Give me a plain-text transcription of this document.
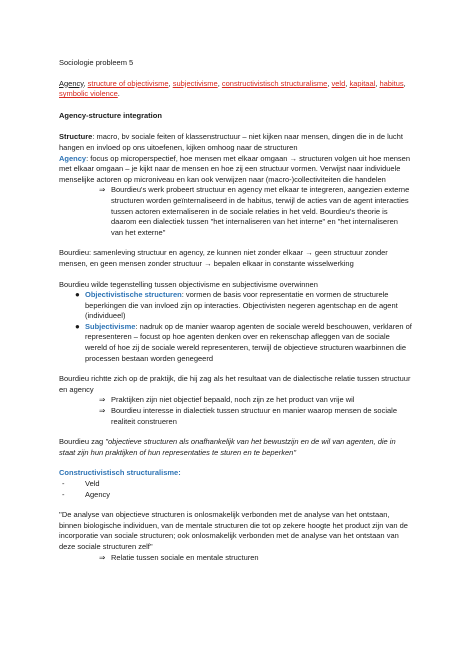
Sociologie probleem 5

Agency, structure of objectivisme, subjectivisme, constructivistisch structuralisme, veld, kapitaal, habitus, symbolic violence.

Agency-structure integration

Structure: macro, bv sociale feiten of klassenstructuur – niet kijken naar mensen, dingen die in de lucht hangen en invloed op ons uitoefenen, kijken omhoog naar de structuren

Agency: focus op microperspectief, hoe mensen met elkaar omgaan → structuren volgen uit hoe mensen met elkaar omgaan – je kijkt naar de mensen en hoe zij een structuur vormen. Verwijst naar individuele menselijke actoren op microniveau en kan ook verwijzen naar (macro-)collectiviteiten die handelen

⇒ Bourdieu's werk probeert structuur en agency met elkaar te integreren, aangezien externe structuren worden geïnternaliseerd in de habitus, terwijl de acties van de agent interacties tussen actoren externaliseren in de sociale relaties in het veld. Bourdieu's theorie is daarom een dialectiek tussen "het internaliseren van het interne" en "het internaliseren van het externe"

Bourdieu: samenleving structuur en agency, ze kunnen niet zonder elkaar → geen structuur zonder mensen, en geen mensen zonder structuur → bepalen elkaar in constante wisselwerking

Bourdieu wilde tegenstelling tussen objectivisme en subjectivisme overwinnen

● Objectivistische structuren: vormen de basis voor representatie en vormen de structurele beperkingen die van invloed zijn op interacties. Objectivisten negeren agentschap en de agent (individueel)
● Subjectivisme: nadruk op de manier waarop agenten de sociale wereld beschouwen, verklaren of representeren – focust op hoe agenten denken over en rekenschap afleggen van de sociale wereld of hoe zij de sociale wereld representeren, terwijl de objectieve structuren waarbinnen die processen bestaan worden genegeerd

Bourdieu richtte zich op de praktijk, die hij zag als het resultaat van de dialectische relatie tussen structuur en agency

⇒ Praktijken zijn niet objectief bepaald, noch zijn ze het product van vrije wil
⇒ Bourdieu interesse in dialectiek tussen structuur en manier waarop mensen de sociale realiteit construeren

Bourdieu zag "objectieve structuren als onafhankelijk van het bewustzijn en de wil van agenten, die in staat zijn hun praktijken of hun representaties te sturen en te beperken"

Constructivistisch structuralisme:

-	Veld
-	Agency

''De analyse van objectieve structuren is onlosmakelijk verbonden met de analyse van het ontstaan, binnen biologische individuen, van de mentale structuren die tot op zekere hoogte het product zijn van de incorporatie van sociale structuren; ook onlosmakelijk verbonden met de analyse van het ontstaan van deze sociale structuren zelf''

⇒ Relatie tussen sociale en mentale structuren
